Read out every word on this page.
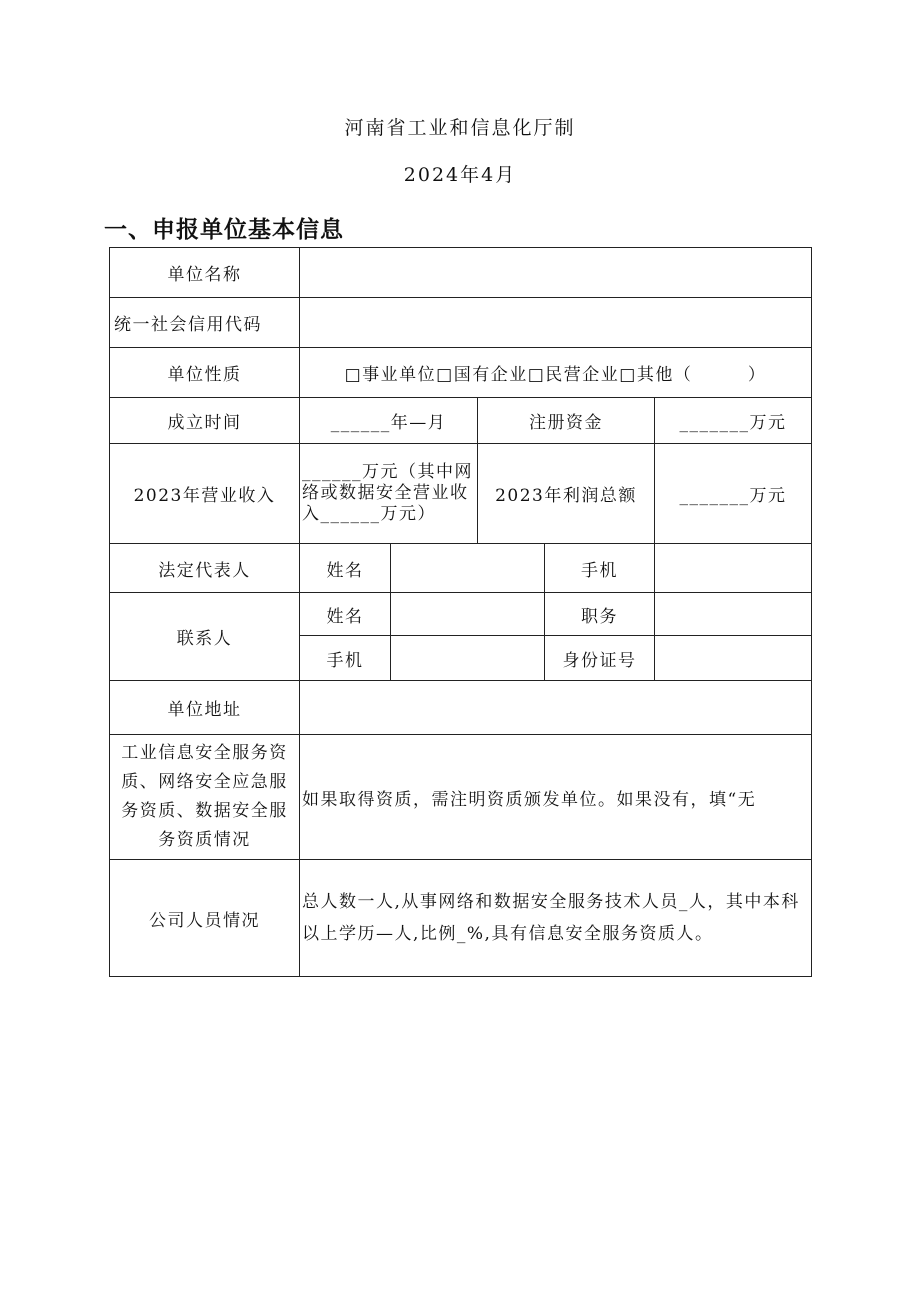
河南省工业和信息化厅制
2024年4月
一、申报单位基本信息
单位名称					
统一社会信用代码					
单位性质	□事业单位□国有企业□民营企业□其他（　　　）				
成立时间	______年—月		注册资金		_______万元
2023年营业收入	______万元（其中网络或数据安全营业收入______万元）		2023年利润总额		_______万元
法定代表人	姓名			手机	
联系人	姓名			职务	
	手机			身份证号	
单位地址					
工业信息安全服务资质、网络安全应急服务资质、数据安全服务资质情况	如果取得资质，需注明资质颁发单位。如果没有，填“无				
公司人员情况	总人数一人,从事网络和数据安全服务技术人员_人，其中本科以上学历—人,比例_%,具有信息安全服务资质人。				
